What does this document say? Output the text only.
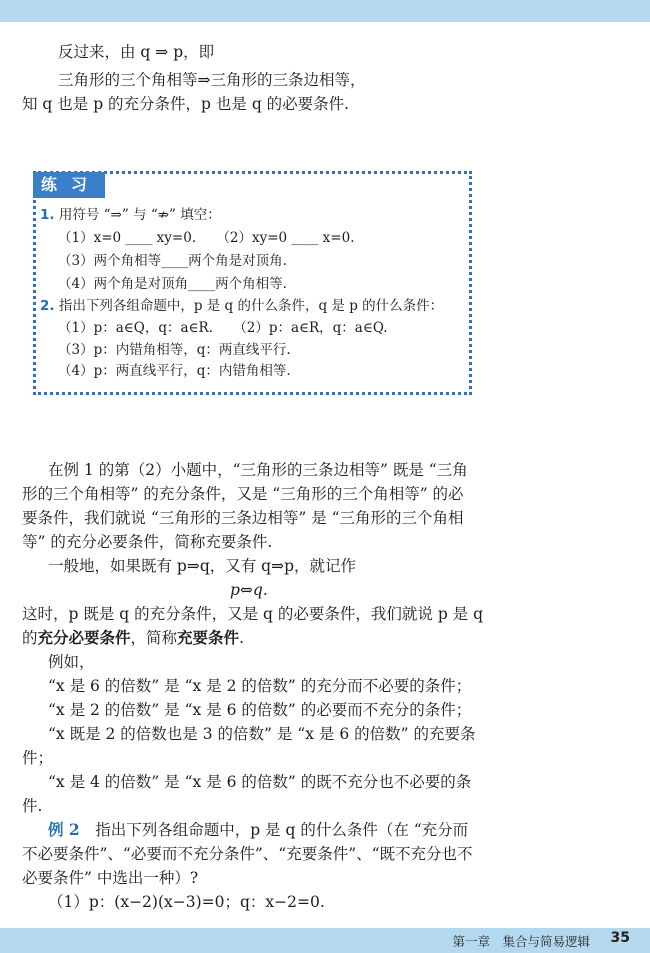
反过来，由 q ⇒ p，即
三角形的三个角相等⇒三角形的三条边相等，
知 q 也是 p 的充分条件，p 也是 q 的必要条件.
练习
1. 用符号 “⇒” 与 “⇏” 填空：
（1）x=0 ____ xy=0.　　（2）xy=0 ____ x=0.
（3）两个角相等____两个角是对顶角.
（4）两个角是对顶角____两个角相等.
2. 指出下列各组命题中，p 是 q 的什么条件，q 是 p 的什么条件：
（1）p：a∈Q，q：a∈R.　　（2）p：a∈R，q：a∈Q.
（3）p：内错角相等，q：两直线平行.
（4）p：两直线平行，q：内错角相等.
在例 1 的第（2）小题中，“三角形的三条边相等” 既是 “三角
形的三个角相等” 的充分条件，又是 “三角形的三个角相等” 的必
要条件，我们就说 “三角形的三条边相等” 是 “三角形的三个角相
等” 的充分必要条件，简称充要条件.
一般地，如果既有 p⇒q，又有 q⇒p，就记作
p⇔q.
这时，p 既是 q 的充分条件，又是 q 的必要条件，我们就说 p 是 q
的充分必要条件，简称充要条件.
例如，
“x 是 6 的倍数” 是 “x 是 2 的倍数” 的充分而不必要的条件；
“x 是 2 的倍数” 是 “x 是 6 的倍数” 的必要而不充分的条件；
“x 既是 2 的倍数也是 3 的倍数” 是 “x 是 6 的倍数” 的充要条
件；
“x 是 4 的倍数” 是 “x 是 6 的倍数” 的既不充分也不必要的条
件.
例 2　 指出下列各组命题中，p 是 q 的什么条件（在 “充分而
不必要条件”、“必要而不充分条件”、“充要条件”、“既不充分也不
必要条件” 中选出一种）?
（1）p：(x−2)(x−3)=0；q：x−2=0.
第一章　集合与简易逻辑 35
